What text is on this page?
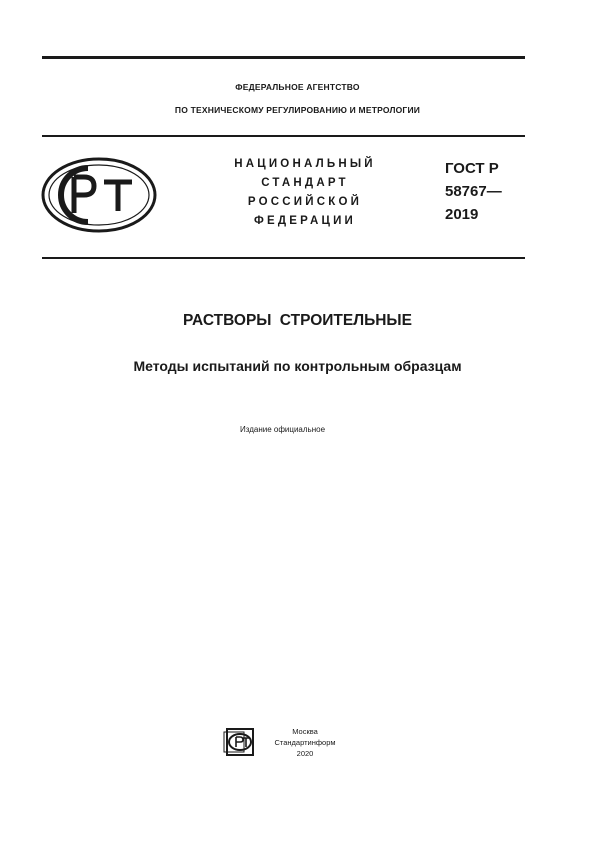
ФЕДЕРАЛЬНОЕ АГЕНТСТВО
ПО ТЕХНИЧЕСКОМУ РЕГУЛИРОВАНИЮ И МЕТРОЛОГИИ
НАЦИОНАЛЬНЫЙ
СТАНДАРТ
РОССИЙСКОЙ
ФЕДЕРАЦИИ
ГОСТ Р
58767—
2019
РАСТВОРЫ СТРОИТЕЛЬНЫЕ
Методы испытаний по контрольным образцам
Издание официальное
Москва
Стандартинформ
2020
